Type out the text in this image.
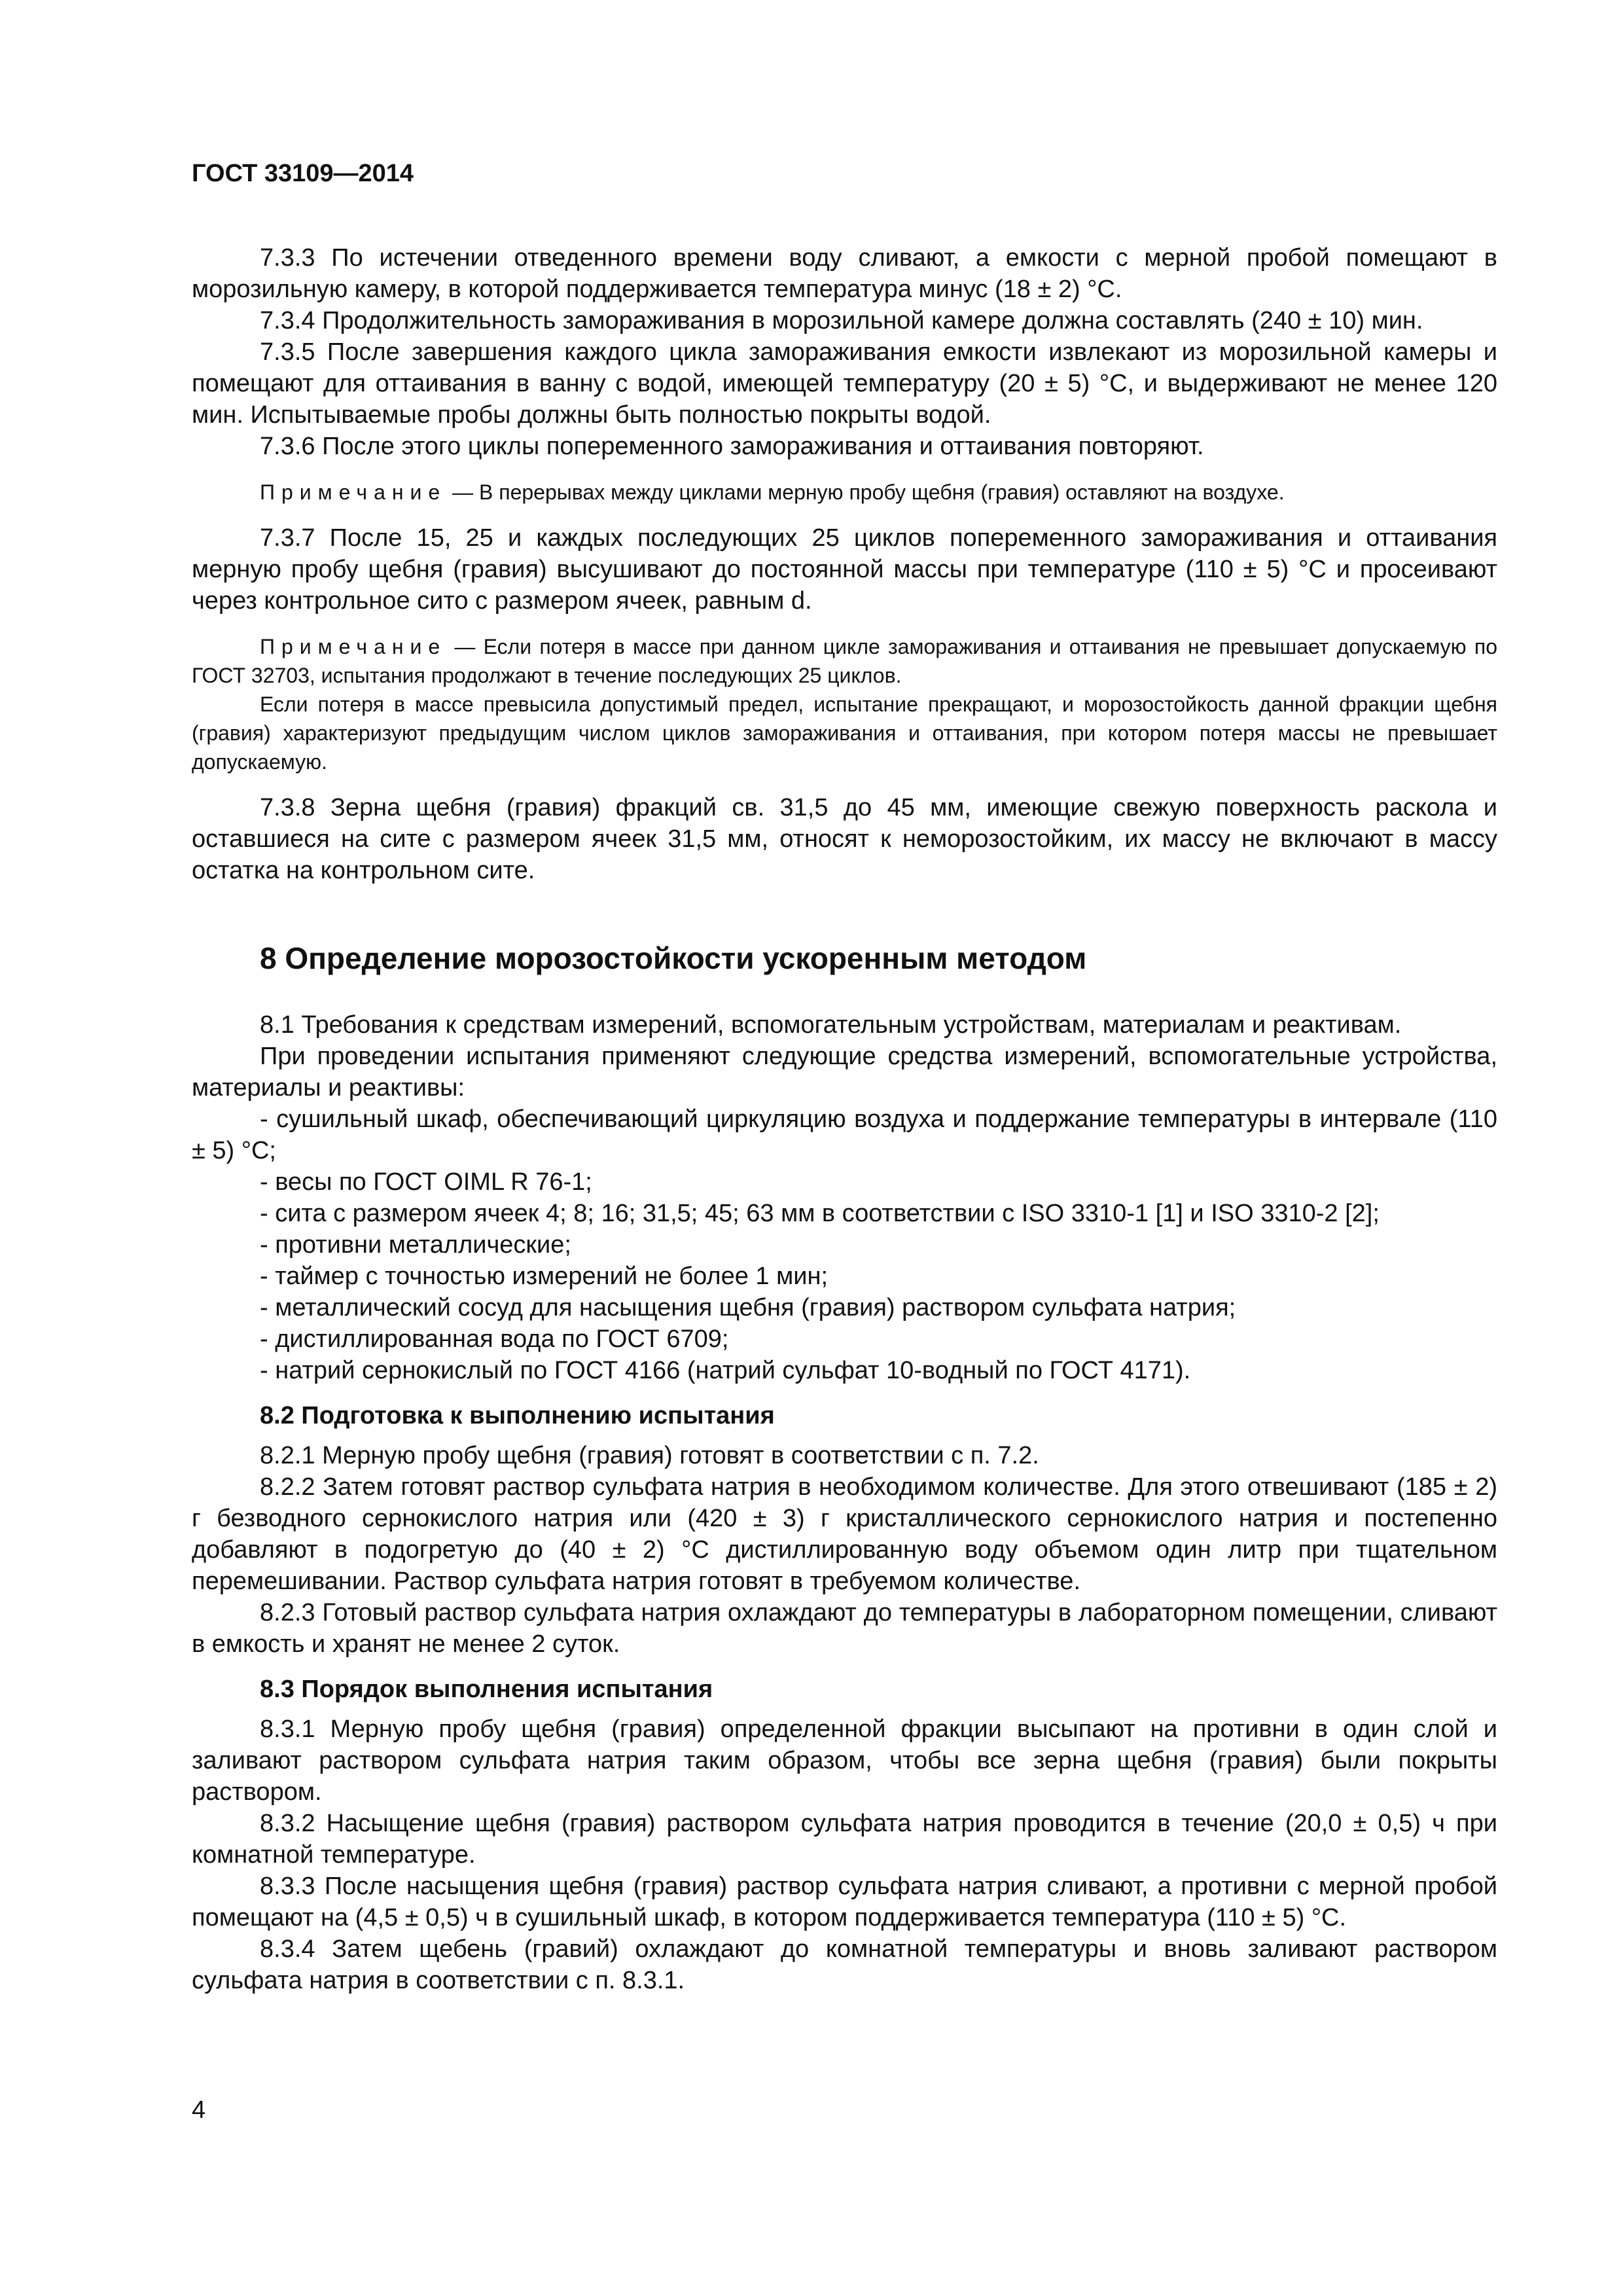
ГОСТ 33109—2014

7.3.3 По истечении отведенного времени воду сливают, а емкости с мерной пробой помещают в морозильную камеру, в которой поддерживается температура минус (18 ± 2) °С.

7.3.4 Продолжительность замораживания в морозильной камере должна составлять (240 ± 10) мин.

7.3.5 После завершения каждого цикла замораживания емкости извлекают из морозильной камеры и помещают для оттаивания в ванну с водой, имеющей температуру (20 ± 5) °С, и выдерживают не менее 120 мин. Испытываемые пробы должны быть полностью покрыты водой.

7.3.6 После этого циклы попеременного замораживания и оттаивания повторяют.

Примечание — В перерывах между циклами мерную пробу щебня (гравия) оставляют на воздухе.

7.3.7 После 15, 25 и каждых последующих 25 циклов попеременного замораживания и оттаивания мерную пробу щебня (гравия) высушивают до постоянной массы при температуре (110 ± 5) °С и просеивают через контрольное сито с размером ячеек, равным d.

Примечание — Если потеря в массе при данном цикле замораживания и оттаивания не превышает допускаемую по ГОСТ 32703, испытания продолжают в течение последующих 25 циклов.

Если потеря в массе превысила допустимый предел, испытание прекращают, и морозостойкость данной фракции щебня (гравия) характеризуют предыдущим числом циклов замораживания и оттаивания, при котором потеря массы не превышает допускаемую.

7.3.8 Зерна щебня (гравия) фракций св. 31,5 до 45 мм, имеющие свежую поверхность раскола и оставшиеся на сите с размером ячеек 31,5 мм, относят к неморозостойким, их массу не включают в массу остатка на контрольном сите.

8 Определение морозостойкости ускоренным методом

8.1 Требования к средствам измерений, вспомогательным устройствам, материалам и реактивам.

При проведении испытания применяют следующие средства измерений, вспомогательные устройства, материалы и реактивы:

- сушильный шкаф, обеспечивающий циркуляцию воздуха и поддержание температуры в интервале (110 ± 5) °С;

- весы по ГОСТ OIML R 76-1;

- сита с размером ячеек 4; 8; 16; 31,5; 45; 63 мм в соответствии с ISO 3310-1 [1] и ISO 3310-2 [2];

- противни металлические;

- таймер с точностью измерений не более 1 мин;

- металлический сосуд для насыщения щебня (гравия) раствором сульфата натрия;

- дистиллированная вода по ГОСТ 6709;

- натрий сернокислый по ГОСТ 4166 (натрий сульфат 10-водный по ГОСТ 4171).

8.2 Подготовка к выполнению испытания

8.2.1 Мерную пробу щебня (гравия) готовят в соответствии с п. 7.2.

8.2.2 Затем готовят раствор сульфата натрия в необходимом количестве. Для этого отвешивают (185 ± 2) г безводного сернокислого натрия или (420 ± 3) г кристаллического сернокислого натрия и постепенно добавляют в подогретую до (40 ± 2) °С дистиллированную воду объемом один литр при тщательном перемешивании. Раствор сульфата натрия готовят в требуемом количестве.

8.2.3 Готовый раствор сульфата натрия охлаждают до температуры в лабораторном помещении, сливают в емкость и хранят не менее 2 суток.

8.3 Порядок выполнения испытания

8.3.1 Мерную пробу щебня (гравия) определенной фракции высыпают на противни в один слой и заливают раствором сульфата натрия таким образом, чтобы все зерна щебня (гравия) были покрыты раствором.

8.3.2 Насыщение щебня (гравия) раствором сульфата натрия проводится в течение (20,0 ± 0,5) ч при комнатной температуре.

8.3.3 После насыщения щебня (гравия) раствор сульфата натрия сливают, а противни с мерной пробой помещают на (4,5 ± 0,5) ч в сушильный шкаф, в котором поддерживается температура (110 ± 5) °С.

8.3.4 Затем щебень (гравий) охлаждают до комнатной температуры и вновь заливают раствором сульфата натрия в соответствии с п. 8.3.1.

4
